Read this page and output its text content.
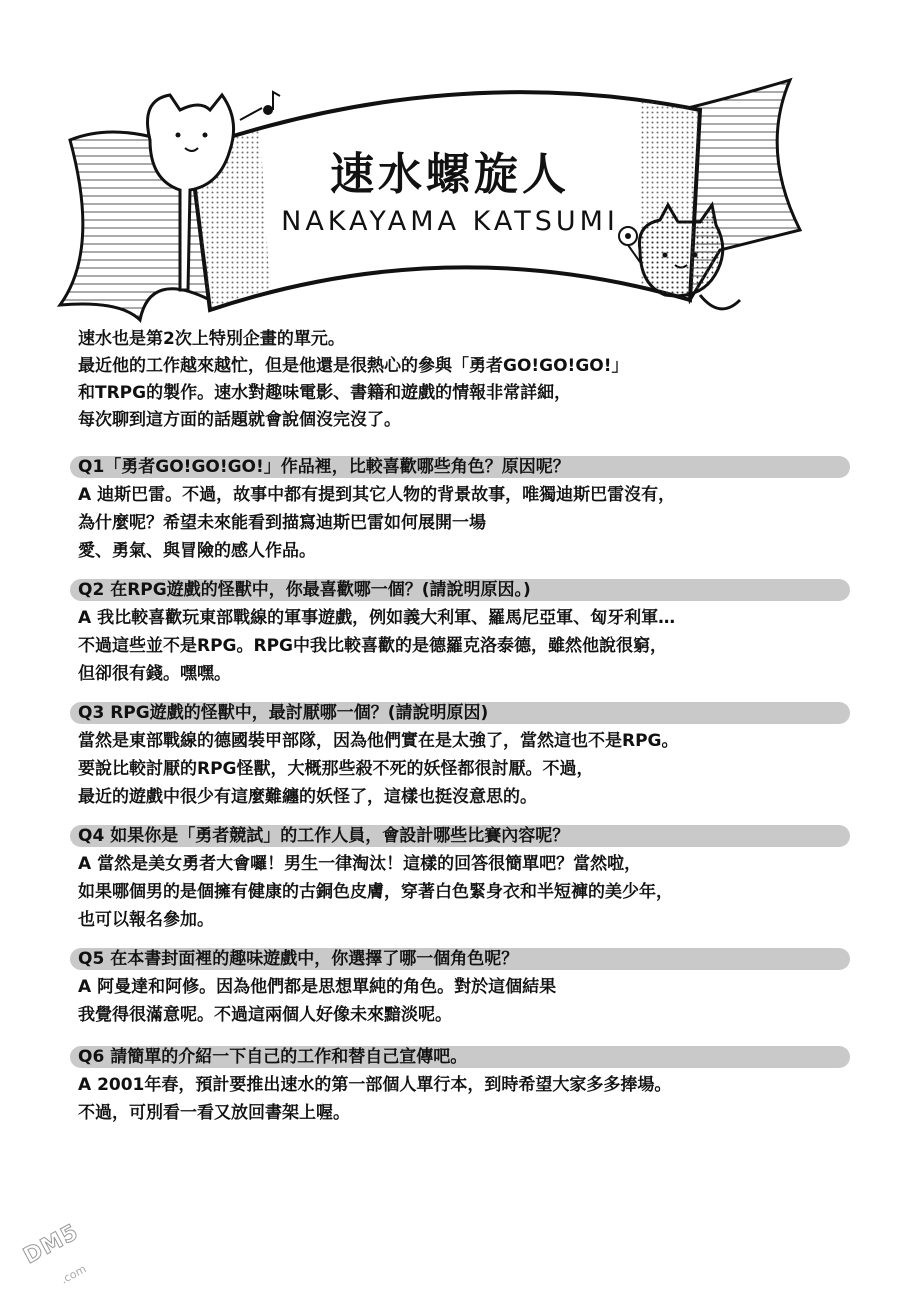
速水螺旋人
NAKAYAMA KATSUMI
速水也是第2次上特別企畫的單元。
最近他的工作越來越忙，但是他還是很熱心的參與「勇者GO!GO!GO!」
和TRPG的製作。速水對趣味電影、書籍和遊戲的情報非常詳細，
每次聊到這方面的話題就會說個沒完沒了。
Q1「勇者GO!GO!GO!」作品裡，比較喜歡哪些角色？原因呢？
A 迪斯巴雷。不過，故事中都有提到其它人物的背景故事，唯獨迪斯巴雷沒有，
為什麼呢？希望未來能看到描寫迪斯巴雷如何展開一場
愛、勇氣、與冒險的感人作品。
Q2 在RPG遊戲的怪獸中，你最喜歡哪一個？(請說明原因。)
A 我比較喜歡玩東部戰線的軍事遊戲，例如義大利軍、羅馬尼亞軍、匈牙利軍…
不過這些並不是RPG。RPG中我比較喜歡的是德羅克洛泰德，雖然他說很窮，
但卻很有錢。嘿嘿。
Q3 RPG遊戲的怪獸中，最討厭哪一個？(請說明原因)
當然是東部戰線的德國裝甲部隊，因為他們實在是太強了，當然這也不是RPG。
要說比較討厭的RPG怪獸，大概那些殺不死的妖怪都很討厭。不過，
最近的遊戲中很少有這麼難纏的妖怪了，這樣也挺沒意思的。
Q4 如果你是「勇者競試」的工作人員，會設計哪些比賽內容呢？
A 當然是美女勇者大會囉！男生一律淘汰！這樣的回答很簡單吧？當然啦，
如果哪個男的是個擁有健康的古銅色皮膚，穿著白色緊身衣和半短褲的美少年，
也可以報名參加。
Q5 在本書封面裡的趣味遊戲中，你選擇了哪一個角色呢？
A 阿曼達和阿修。因為他們都是思想單純的角色。對於這個結果
我覺得很滿意呢。不過這兩個人好像未來黯淡呢。
Q6 請簡單的介紹一下自己的工作和替自己宣傳吧。
A 2001年春，預計要推出速水的第一部個人單行本，到時希望大家多多捧場。
不過，可別看一看又放回書架上喔。
DM5
.com
